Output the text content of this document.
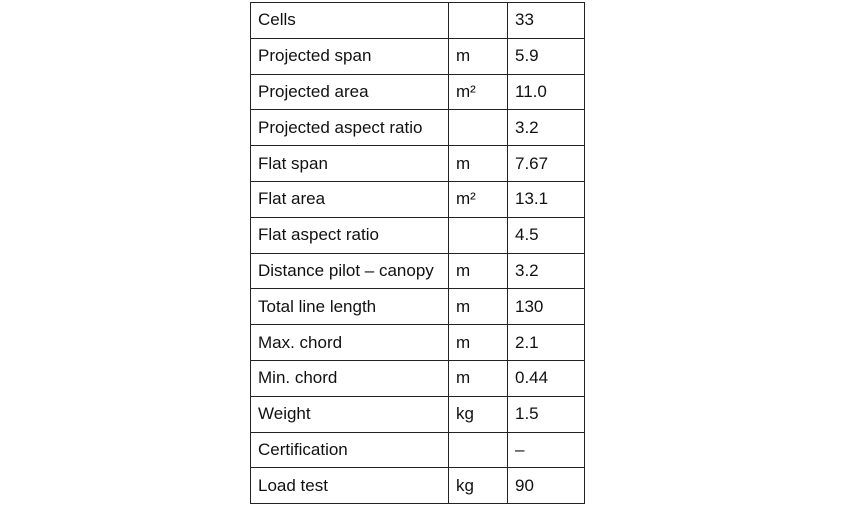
Cells		33
Projected span	m	5.9
Projected area	m²	11.0
Projected aspect ratio		3.2
Flat span	m	7.67
Flat area	m²	13.1
Flat aspect ratio		4.5
Distance pilot – canopy	m	3.2
Total line length	m	130
Max. chord	m	2.1
Min. chord	m	0.44
Weight	kg	1.5
Certification		–
Load test	kg	90
